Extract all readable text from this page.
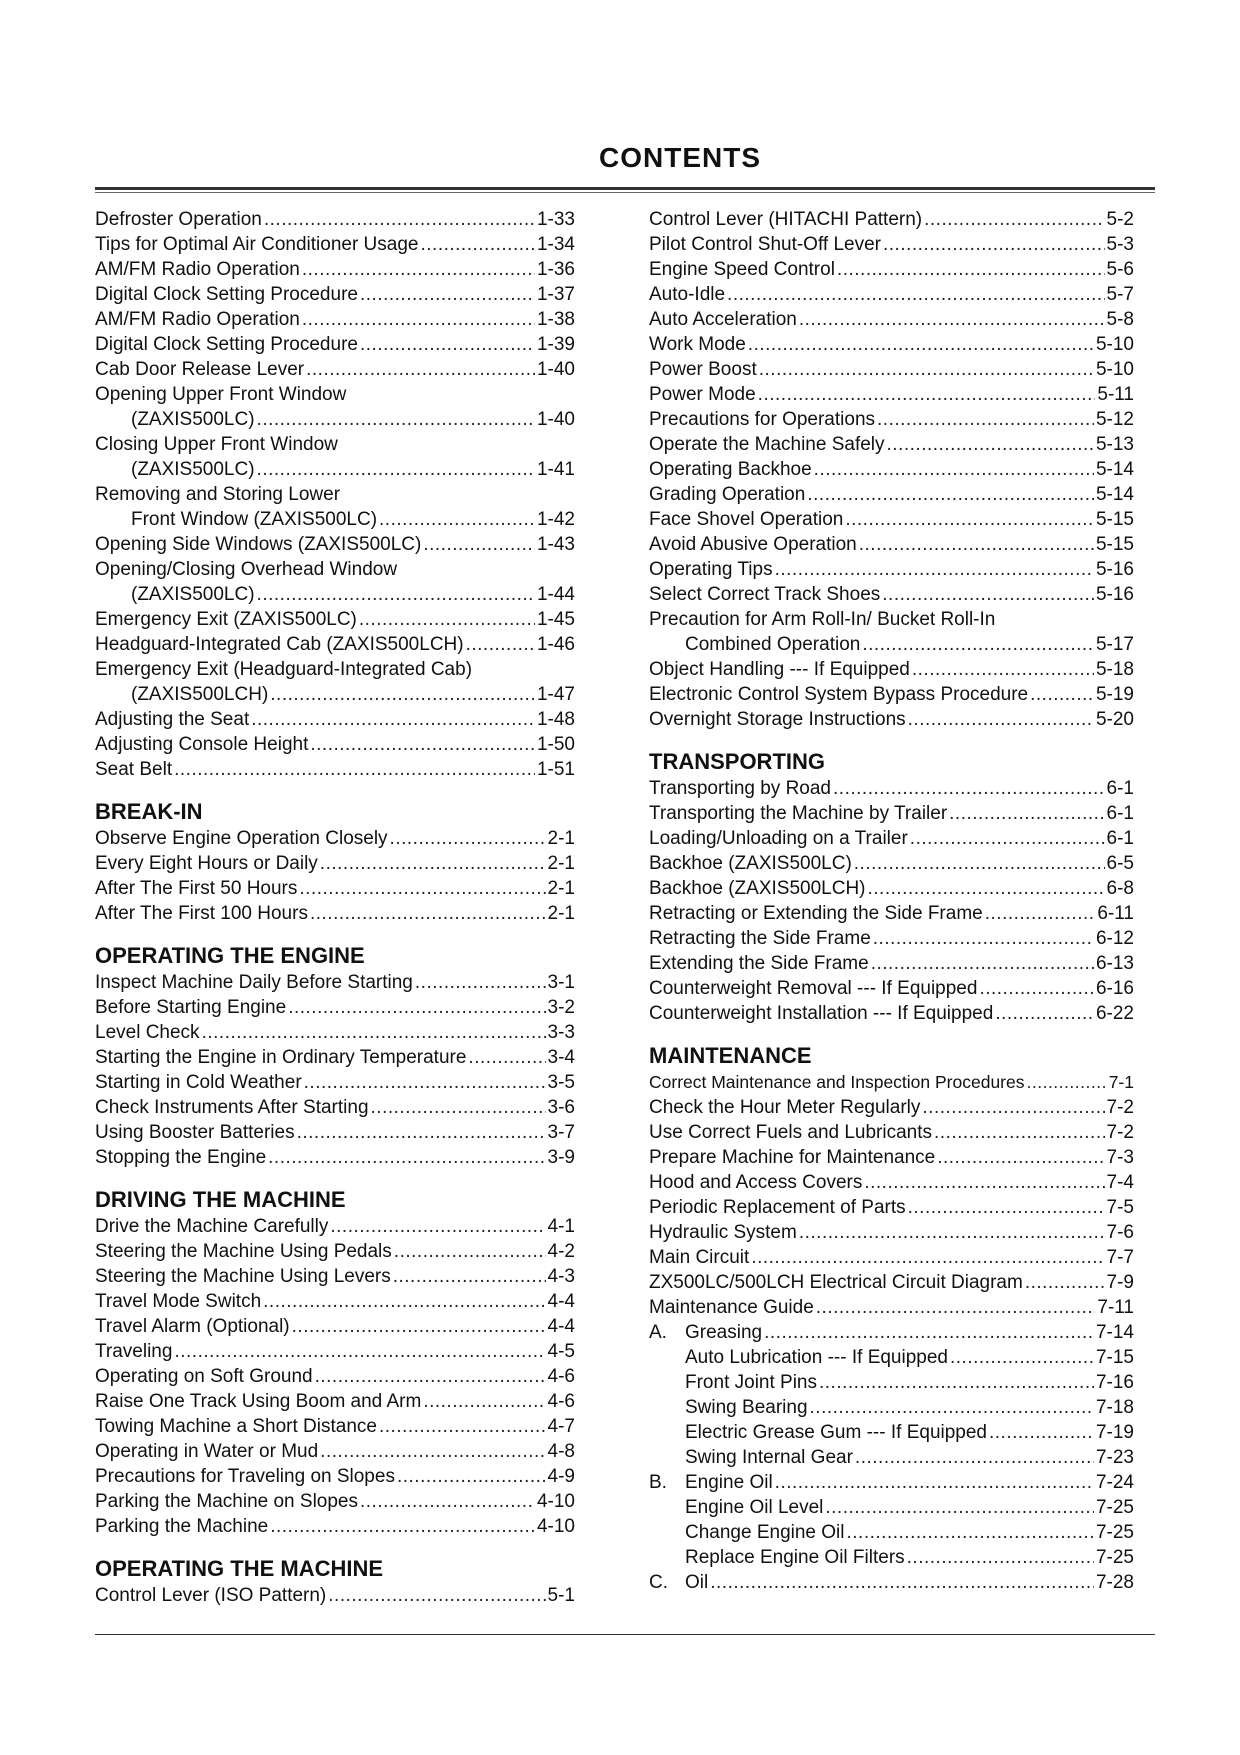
CONTENTS
Defroster Operation .....	1-33
Tips for Optimal Air Conditioner Usage .....	1-34
AM/FM Radio Operation .....	1-36
Digital Clock Setting Procedure .....	1-37
AM/FM Radio Operation .....	1-38
Digital Clock Setting Procedure .....	1-39
Cab Door Release Lever .....	1-40
Opening Upper Front Window
(ZAXIS500LC) .....	1-40
Closing Upper Front Window
(ZAXIS500LC) .....	1-41
Removing and Storing Lower
Front Window (ZAXIS500LC) .....	1-42
Opening Side Windows (ZAXIS500LC) .....	1-43
Opening/Closing Overhead Window
(ZAXIS500LC) .....	1-44
Emergency Exit (ZAXIS500LC) .....	1-45
Headguard-Integrated Cab (ZAXIS500LCH) .....	1-46
Emergency Exit (Headguard-Integrated Cab)
(ZAXIS500LCH) .....	1-47
Adjusting the Seat .....	1-48
Adjusting Console Height .....	1-50
Seat Belt .....	1-51
BREAK-IN
Observe Engine Operation Closely .....	2-1
Every Eight Hours or Daily .....	2-1
After The First 50 Hours .....	2-1
After The First 100 Hours .....	2-1
OPERATING THE ENGINE
Inspect Machine Daily Before Starting .....	3-1
Before Starting Engine .....	3-2
Level Check .....	3-3
Starting the Engine in Ordinary Temperature .....	3-4
Starting in Cold Weather .....	3-5
Check Instruments After Starting .....	3-6
Using Booster Batteries .....	3-7
Stopping the Engine .....	3-9
DRIVING THE MACHINE
Drive the Machine Carefully .....	4-1
Steering the Machine Using Pedals .....	4-2
Steering the Machine Using Levers .....	4-3
Travel Mode Switch .....	4-4
Travel Alarm (Optional) .....	4-4
Traveling .....	4-5
Operating on Soft Ground .....	4-6
Raise One Track Using Boom and Arm .....	4-6
Towing Machine a Short Distance .....	4-7
Operating in Water or Mud .....	4-8
Precautions for Traveling on Slopes .....	4-9
Parking the Machine on Slopes .....	4-10
Parking the Machine .....	4-10
OPERATING THE MACHINE
Control Lever (ISO Pattern) .....	5-1
Control Lever (HITACHI Pattern) .....	5-2
Pilot Control Shut-Off Lever .....	5-3
Engine Speed Control .....	5-6
Auto-Idle .....	5-7
Auto Acceleration .....	5-8
Work Mode .....	5-10
Power Boost .....	5-10
Power Mode .....	5-11
Precautions for Operations .....	5-12
Operate the Machine Safely .....	5-13
Operating Backhoe .....	5-14
Grading Operation .....	5-14
Face Shovel Operation .....	5-15
Avoid Abusive Operation .....	5-15
Operating Tips .....	5-16
Select Correct Track Shoes .....	5-16
Precaution for Arm Roll-In/ Bucket Roll-In
Combined Operation .....	5-17
Object Handling --- If Equipped .....	5-18
Electronic Control System Bypass Procedure .....	5-19
Overnight Storage Instructions .....	5-20
TRANSPORTING
Transporting by Road .....	6-1
Transporting the Machine by Trailer .....	6-1
Loading/Unloading on a Trailer .....	6-1
Backhoe (ZAXIS500LC) .....	6-5
Backhoe (ZAXIS500LCH) .....	6-8
Retracting or Extending the Side Frame .....	6-11
Retracting the Side Frame .....	6-12
Extending the Side Frame .....	6-13
Counterweight Removal --- If Equipped .....	6-16
Counterweight Installation --- If Equipped .....	6-22
MAINTENANCE
Correct Maintenance and Inspection Procedures .....	7-1
Check the Hour Meter Regularly .....	7-2
Use Correct Fuels and Lubricants .....	7-2
Prepare Machine for Maintenance .....	7-3
Hood and Access Covers .....	7-4
Periodic Replacement of Parts .....	7-5
Hydraulic System .....	7-6
Main Circuit .....	7-7
ZX500LC/500LCH Electrical Circuit Diagram .....	7-9
Maintenance Guide .....	7-11
A. Greasing .....	7-14
Auto Lubrication --- If Equipped .....	7-15
Front Joint Pins .....	7-16
Swing Bearing .....	7-18
Electric Grease Gum --- If Equipped .....	7-19
Swing Internal Gear .....	7-23
B. Engine Oil .....	7-24
Engine Oil Level .....	7-25
Change Engine Oil .....	7-25
Replace Engine Oil Filters .....	7-25
C. Oil .....	7-28
